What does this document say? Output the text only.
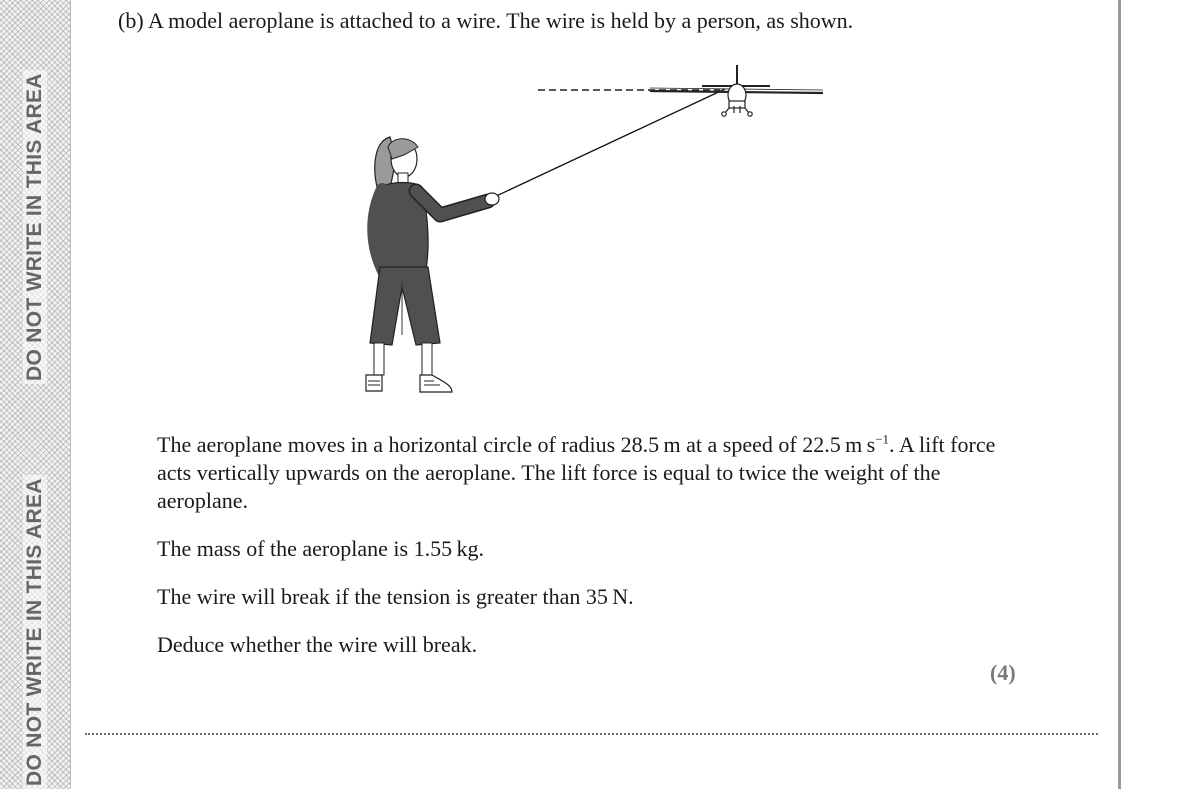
DO NOT WRITE IN THIS AREA
DO NOT WRITE IN THIS AREA

(b) A model aeroplane is attached to a wire. The wire is held by a person, as shown.

The aeroplane moves in a horizontal circle of radius 28.5 m at a speed of 22.5 m $s^{-1}$. A lift force acts vertically upwards on the aeroplane. The lift force is equal to twice the weight of the aeroplane.

The mass of the aeroplane is 1.55 kg.

The wire will break if the tension is greater than 35 N.

Deduce whether the wire will break.

(4)
